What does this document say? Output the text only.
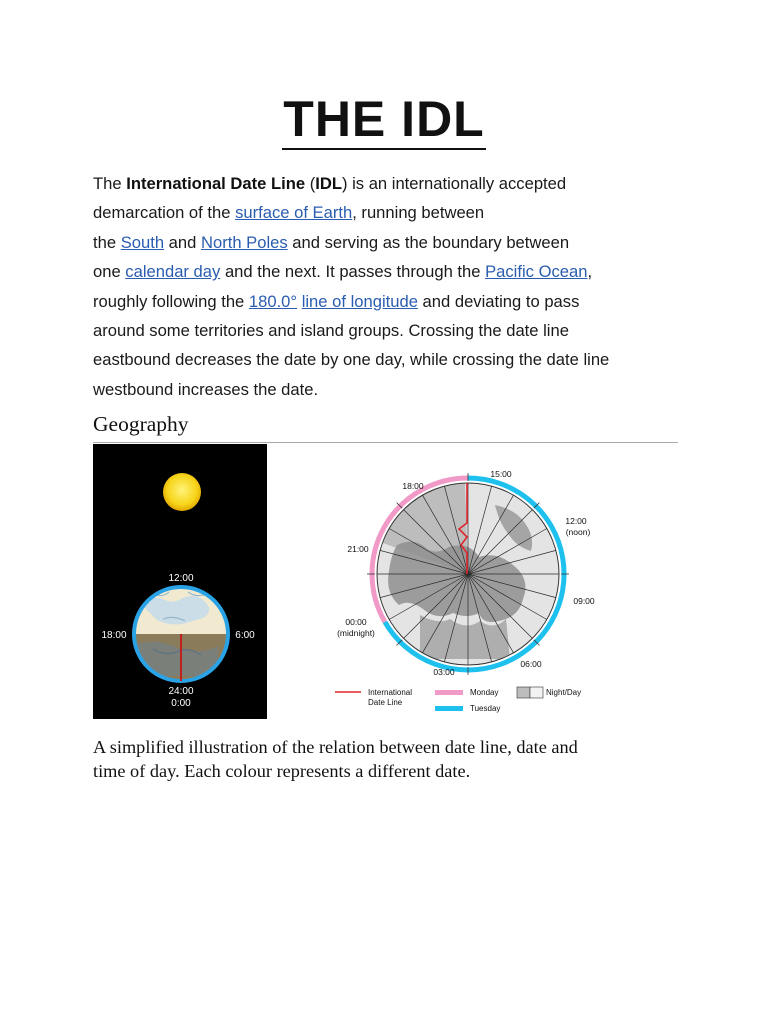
THE IDL
The International Date Line (IDL) is an internationally accepted
demarcation of the surface of Earth, running between
the South and North Poles and serving as the boundary between
one calendar day and the next. It passes through the Pacific Ocean,
roughly following the 180.0° line of longitude and deviating to pass
around some territories and island groups. Crossing the date line
eastbound decreases the date by one day, while crossing the date line
westbound increases the date.
Geography
12:00
18:00	6:00
24:00
0:00
15:00
18:00
12:00
(noon)
21:00
09:00
00:00
(midnight)
06:00
03:00
International
Date Line
Monday
Tuesday
Night/Day
A simplified illustration of the relation between date line, date and
time of day. Each colour represents a different date.
